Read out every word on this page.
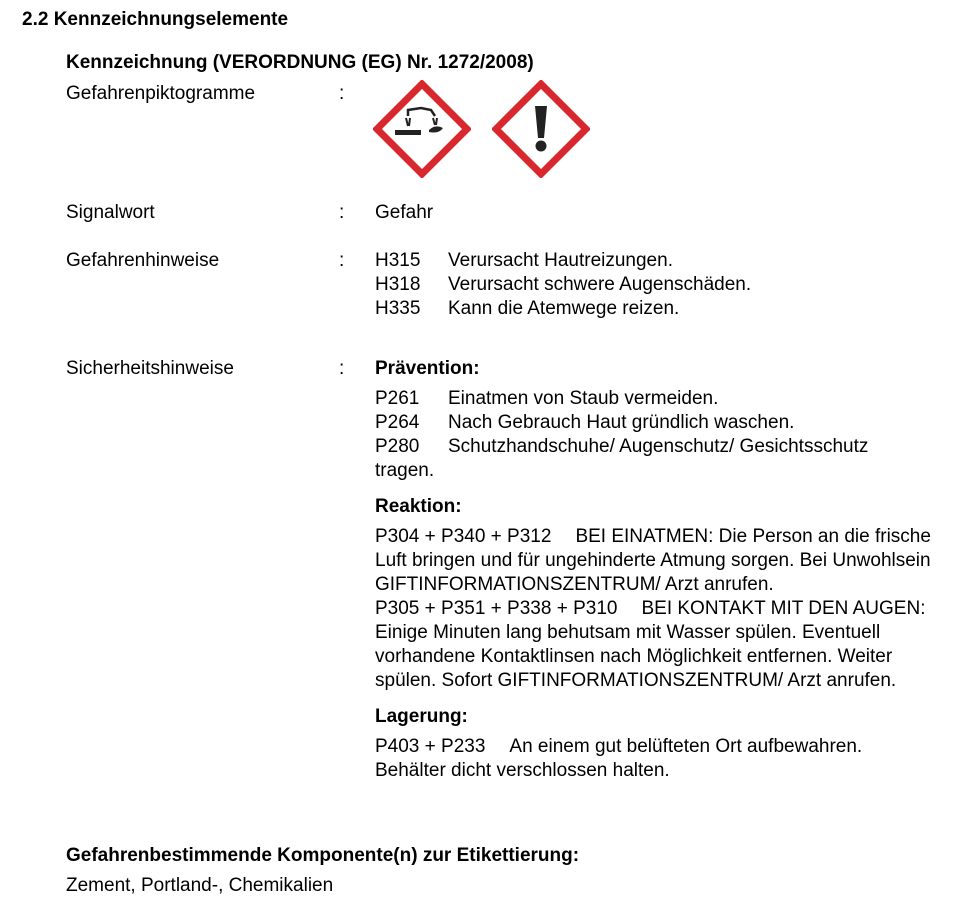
2.2 Kennzeichnungselemente
Kennzeichnung (VERORDNUNG (EG) Nr. 1272/2008)
Gefahrenpiktogramme	:
Signalwort	: Gefahr
Gefahrenhinweise	: H315	Verursacht Hautreizungen.
H318	Verursacht schwere Augenschäden.
H335	Kann die Atemwege reizen.
Sicherheitshinweise	: Prävention:
P261	Einatmen von Staub vermeiden.
P264	Nach Gebrauch Haut gründlich waschen.
P280	Schutzhandschuhe/ Augenschutz/ Gesichtsschutz
tragen.
Reaktion:
P304 + P340 + P312 BEI EINATMEN: Die Person an die frische Luft bringen und für ungehinderte Atmung sorgen. Bei Unwohlsein GIFTINFORMATIONSZENTRUM/ Arzt anrufen.
P305 + P351 + P338 + P310 BEI KONTAKT MIT DEN AUGEN: Einige Minuten lang behutsam mit Wasser spülen. Eventuell vorhandene Kontaktlinsen nach Möglichkeit entfernen. Weiter spülen. Sofort GIFTINFORMATIONSZENTRUM/ Arzt anrufen.
Lagerung:
P403 + P233 An einem gut belüfteten Ort aufbewahren. Behälter dicht verschlossen halten.
Gefahrenbestimmende Komponente(n) zur Etikettierung:
Zement, Portland-, Chemikalien
